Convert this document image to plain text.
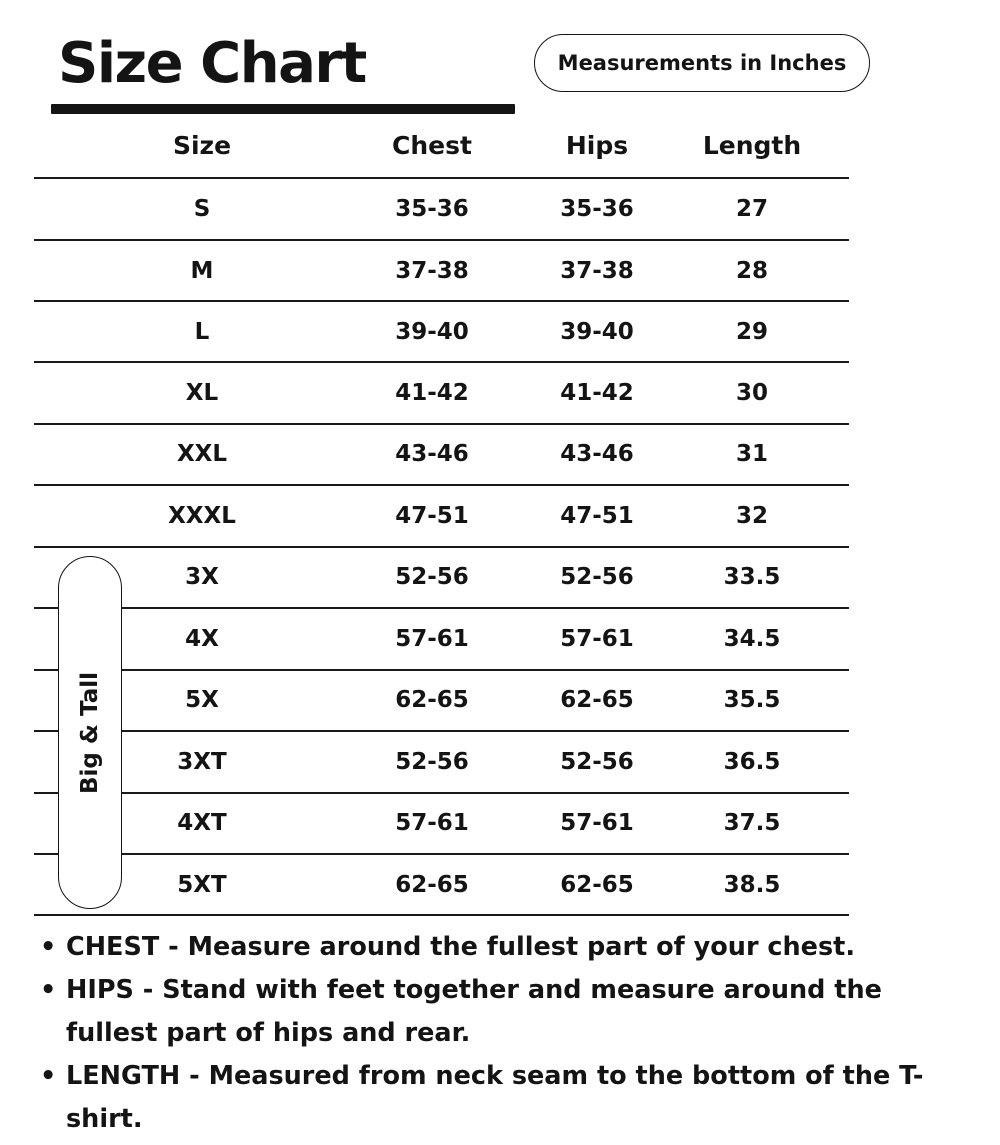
Size Chart	Measurements in Inches
Size	Chest	Hips	Length
S	35-36	35-36	27
M	37-38	37-38	28
L	39-40	39-40	29
XL	41-42	41-42	30
XXL	43-46	43-46	31
XXXL	47-51	47-51	32
3X	52-56	52-56	33.5
4X	57-61	57-61	34.5
5X	62-65	62-65	35.5
3XT	52-56	52-56	36.5
4XT	57-61	57-61	37.5
5XT	62-65	62-65	38.5
Big & Tall
• CHEST - Measure around the fullest part of your chest.
• HIPS - Stand with feet together and measure around the fullest part of hips and rear.
• LENGTH - Measured from neck seam to the bottom of the T-shirt.
